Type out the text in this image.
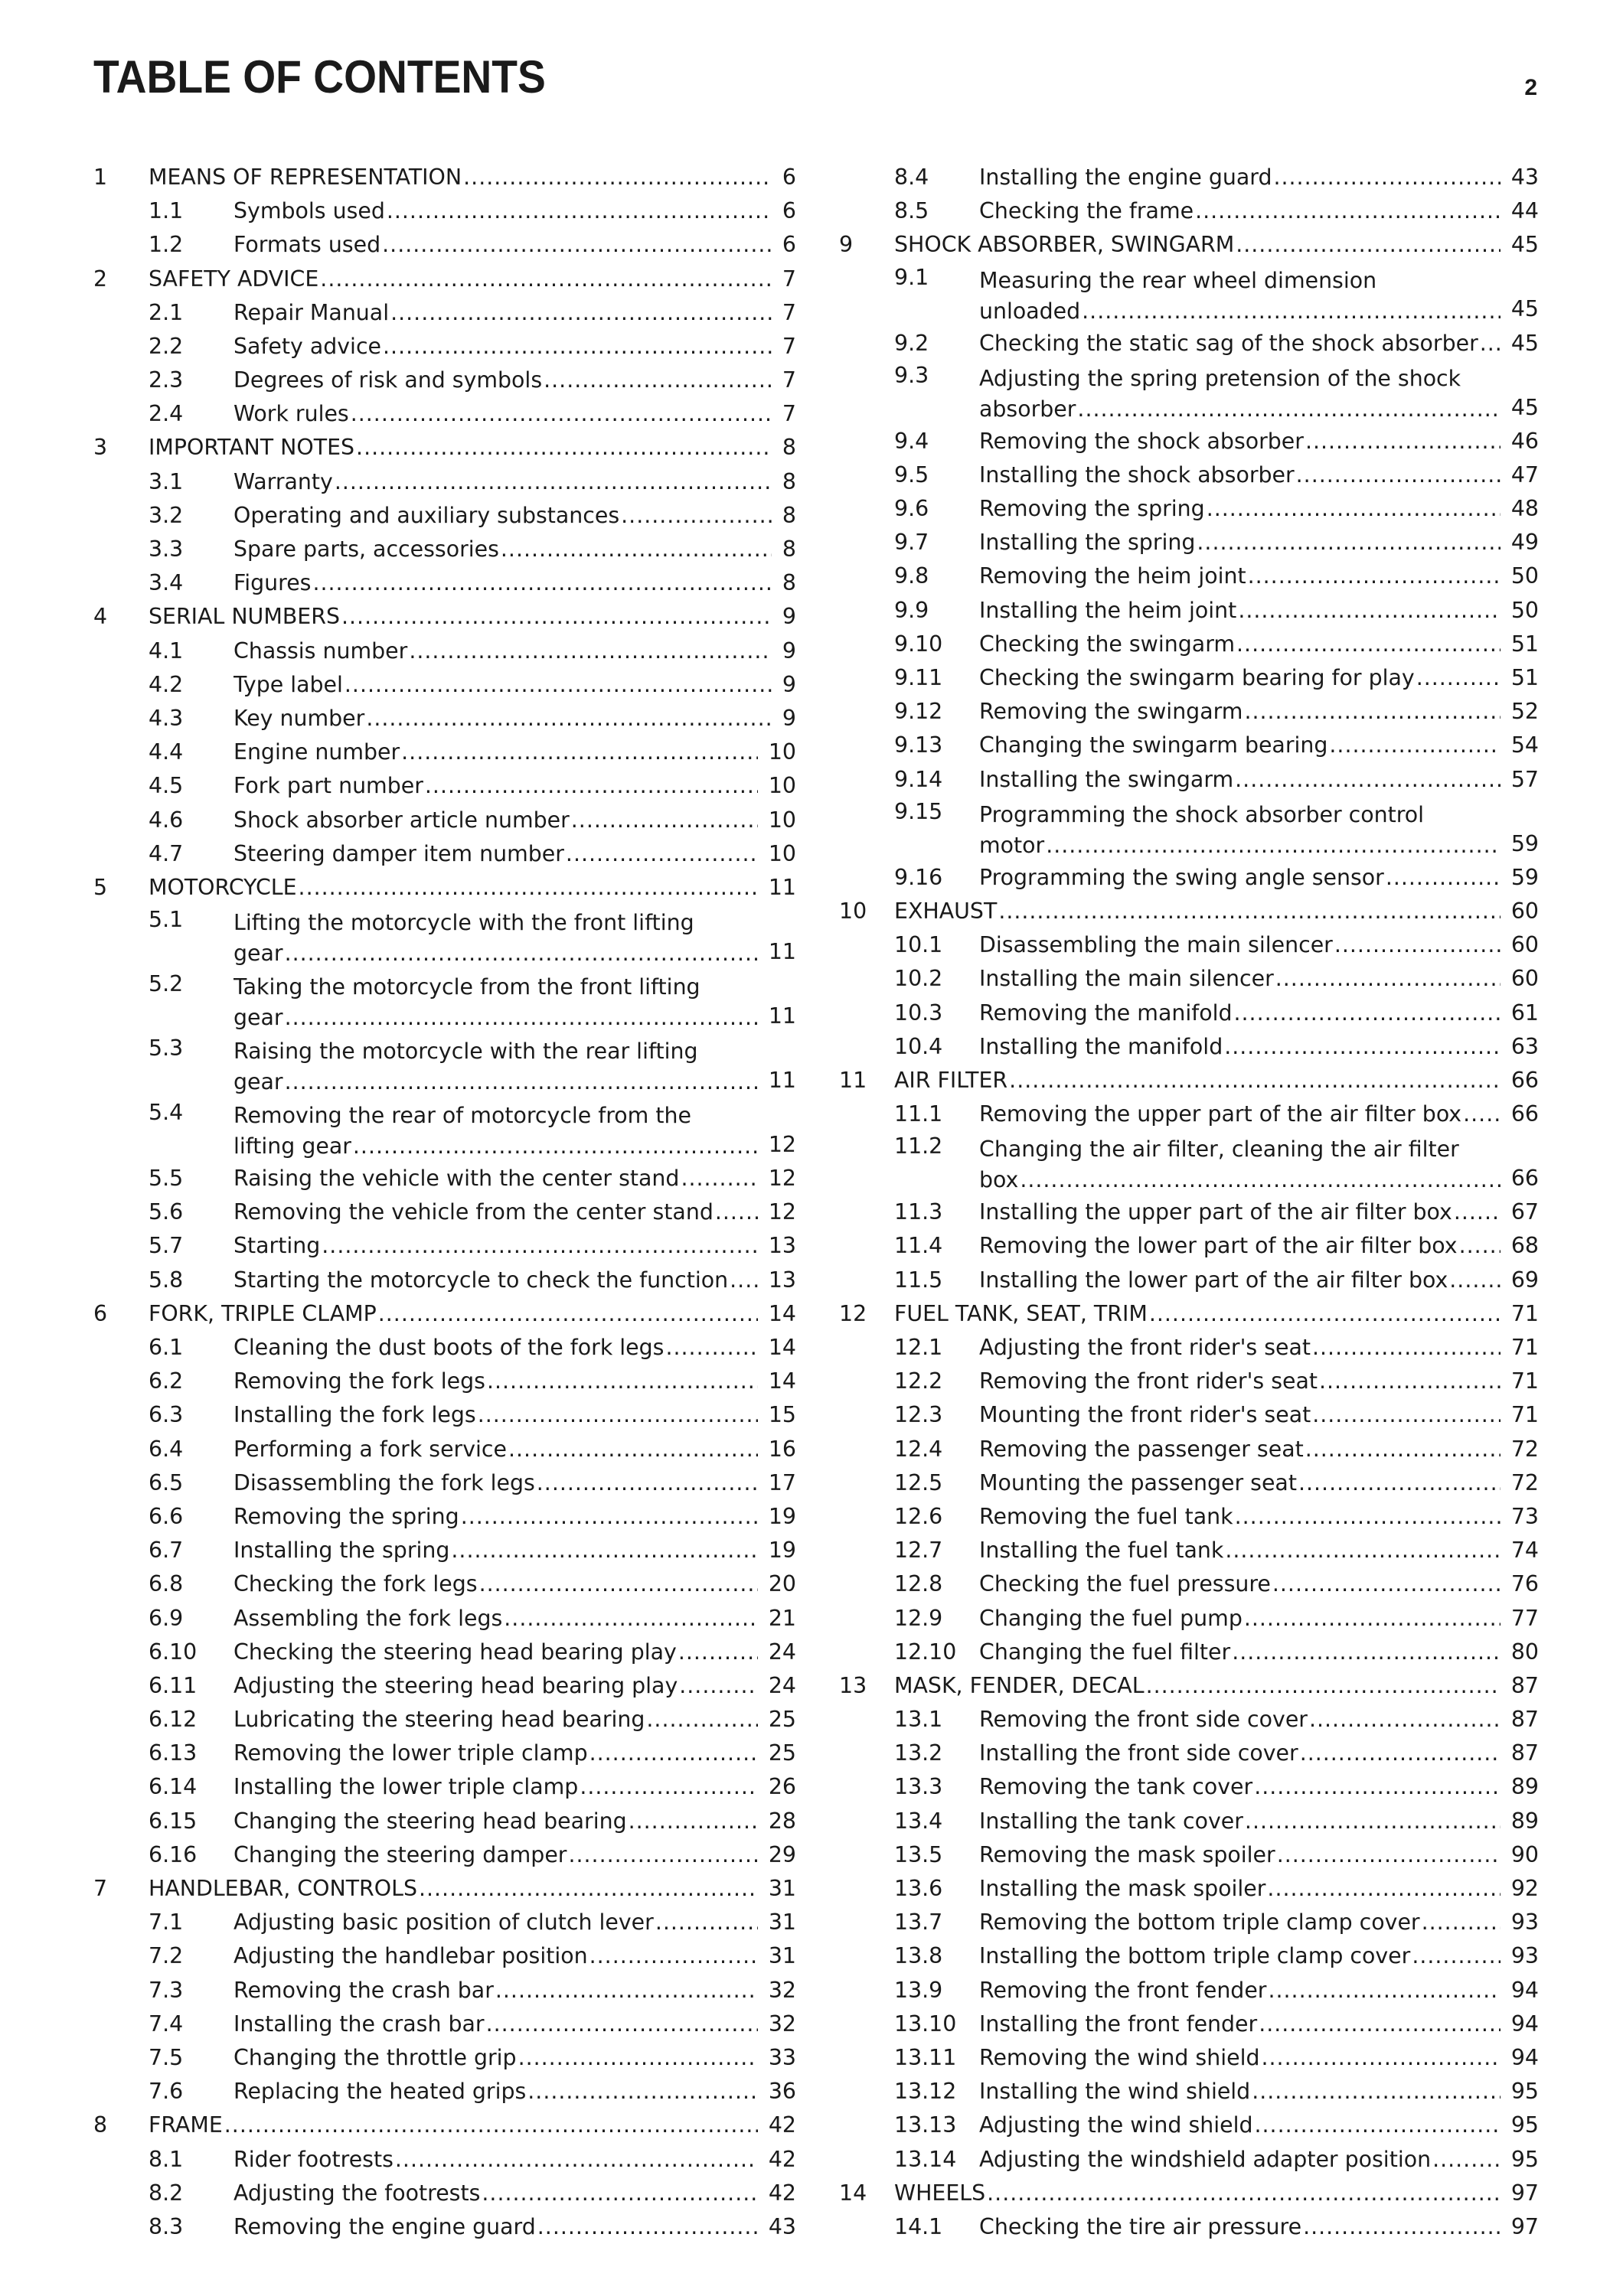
TABLE OF CONTENTS	2
1	MEANS OF REPRESENTATION .....	6
1.1	Symbols used .....	6
1.2	Formats used .....	6
2	SAFETY ADVICE .....	7
2.1	Repair Manual .....	7
2.2	Safety advice .....	7
2.3	Degrees of risk and symbols .....	7
2.4	Work rules .....	7
3	IMPORTANT NOTES .....	8
3.1	Warranty .....	8
3.2	Operating and auxiliary substances .....	8
3.3	Spare parts, accessories .....	8
3.4	Figures .....	8
4	SERIAL NUMBERS .....	9
4.1	Chassis number .....	9
4.2	Type label .....	9
4.3	Key number .....	9
4.4	Engine number .....	10
4.5	Fork part number .....	10
4.6	Shock absorber article number .....	10
4.7	Steering damper item number .....	10
5	MOTORCYCLE .....	11
5.1	Lifting the motorcycle with the front lifting
gear .....	11
5.2	Taking the motorcycle from the front lifting
gear .....	11
5.3	Raising the motorcycle with the rear lifting
gear .....	11
5.4	Removing the rear of motorcycle from the
lifting gear .....	12
5.5	Raising the vehicle with the center stand .....	12
5.6	Removing the vehicle from the center stand .....	12
5.7	Starting .....	13
5.8	Starting the motorcycle to check the function .....	13
6	FORK, TRIPLE CLAMP .....	14
6.1	Cleaning the dust boots of the fork legs .....	14
6.2	Removing the fork legs .....	14
6.3	Installing the fork legs .....	15
6.4	Performing a fork service .....	16
6.5	Disassembling the fork legs .....	17
6.6	Removing the spring .....	19
6.7	Installing the spring .....	19
6.8	Checking the fork legs .....	20
6.9	Assembling the fork legs .....	21
6.10	Checking the steering head bearing play .....	24
6.11	Adjusting the steering head bearing play .....	24
6.12	Lubricating the steering head bearing .....	25
6.13	Removing the lower triple clamp .....	25
6.14	Installing the lower triple clamp .....	26
6.15	Changing the steering head bearing .....	28
6.16	Changing the steering damper .....	29
7	HANDLEBAR, CONTROLS .....	31
7.1	Adjusting basic position of clutch lever .....	31
7.2	Adjusting the handlebar position .....	31
7.3	Removing the crash bar .....	32
7.4	Installing the crash bar .....	32
7.5	Changing the throttle grip .....	33
7.6	Replacing the heated grips .....	36
8	FRAME .....	42
8.1	Rider footrests .....	42
8.2	Adjusting the footrests .....	42
8.3	Removing the engine guard .....	43
8.4	Installing the engine guard .....	43
8.5	Checking the frame .....	44
9	SHOCK ABSORBER, SWINGARM .....	45
9.1	Measuring the rear wheel dimension
unloaded .....	45
9.2	Checking the static sag of the shock absorber .....	45
9.3	Adjusting the spring pretension of the shock
absorber .....	45
9.4	Removing the shock absorber .....	46
9.5	Installing the shock absorber .....	47
9.6	Removing the spring .....	48
9.7	Installing the spring .....	49
9.8	Removing the heim joint .....	50
9.9	Installing the heim joint .....	50
9.10	Checking the swingarm .....	51
9.11	Checking the swingarm bearing for play .....	51
9.12	Removing the swingarm .....	52
9.13	Changing the swingarm bearing .....	54
9.14	Installing the swingarm .....	57
9.15	Programming the shock absorber control
motor .....	59
9.16	Programming the swing angle sensor .....	59
10	EXHAUST .....	60
10.1	Disassembling the main silencer .....	60
10.2	Installing the main silencer .....	60
10.3	Removing the manifold .....	61
10.4	Installing the manifold .....	63
11	AIR FILTER .....	66
11.1	Removing the upper part of the air filter box .....	66
11.2	Changing the air filter, cleaning the air filter
box .....	66
11.3	Installing the upper part of the air filter box .....	67
11.4	Removing the lower part of the air filter box .....	68
11.5	Installing the lower part of the air filter box .....	69
12	FUEL TANK, SEAT, TRIM .....	71
12.1	Adjusting the front rider's seat .....	71
12.2	Removing the front rider's seat .....	71
12.3	Mounting the front rider's seat .....	71
12.4	Removing the passenger seat .....	72
12.5	Mounting the passenger seat .....	72
12.6	Removing the fuel tank .....	73
12.7	Installing the fuel tank .....	74
12.8	Checking the fuel pressure .....	76
12.9	Changing the fuel pump .....	77
12.10	Changing the fuel filter .....	80
13	MASK, FENDER, DECAL .....	87
13.1	Removing the front side cover .....	87
13.2	Installing the front side cover .....	87
13.3	Removing the tank cover .....	89
13.4	Installing the tank cover .....	89
13.5	Removing the mask spoiler .....	90
13.6	Installing the mask spoiler .....	92
13.7	Removing the bottom triple clamp cover .....	93
13.8	Installing the bottom triple clamp cover .....	93
13.9	Removing the front fender .....	94
13.10	Installing the front fender .....	94
13.11	Removing the wind shield .....	94
13.12	Installing the wind shield .....	95
13.13	Adjusting the wind shield .....	95
13.14	Adjusting the windshield adapter position .....	95
14	WHEELS .....	97
14.1	Checking the tire air pressure .....	97
